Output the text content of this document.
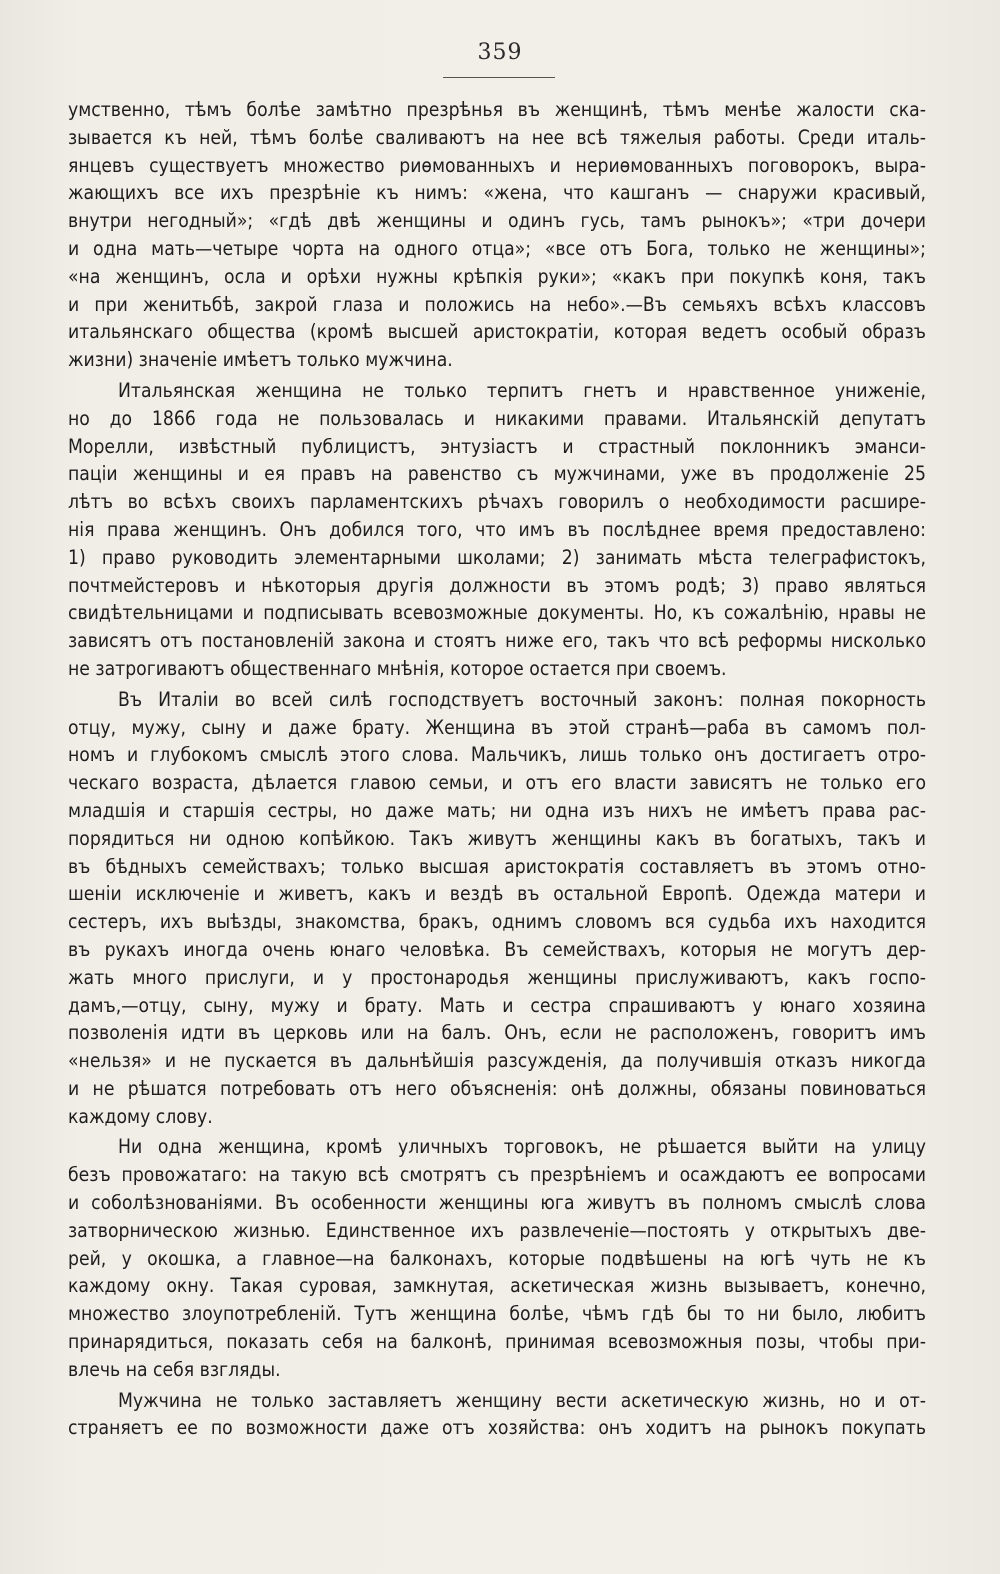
359

умственно, тѣмъ болѣе замѣтно презрѣнья въ женщинѣ, тѣмъ менѣе жалости ска-
зывается къ ней, тѣмъ болѣе сваливаютъ на нее всѣ тяжелыя работы. Среди италь-
янцевъ существуетъ множество риѳмованныхъ и нериѳмованныхъ поговорокъ, выра-
жающихъ все ихъ презрѣніе къ нимъ: «жена, что кашганъ — снаружи красивый,
внутри негодный»; «гдѣ двѣ женщины и одинъ гусь, тамъ рынокъ»; «три дочери
и одна мать—четыре чорта на одного отца»; «все отъ Бога, только не женщины»;
«на женщинъ, осла и орѣхи нужны крѣпкія руки»; «какъ при покупкѣ коня, такъ
и при женитьбѣ, закрой глаза и положись на небо».—Въ семьяхъ всѣхъ классовъ
итальянскаго общества (кромѣ высшей аристократіи, которая ведетъ особый образъ
жизни) значеніе имѣетъ только мужчина.

Итальянская женщина не только терпитъ гнетъ и нравственное униженіе,
но до 1866 года не пользовалась и никакими правами. Итальянскій депутатъ
Морелли, извѣстный публицистъ, энтузіастъ и страстный поклонникъ эманси-
паціи женщины и ея правъ на равенство съ мужчинами, уже въ продолженіе 25
лѣтъ во всѣхъ своихъ парламентскихъ рѣчахъ говорилъ о необходимости расшире-
нія права женщинъ. Онъ добился того, что имъ въ послѣднее время предоставлено:
1) право руководить элементарными школами; 2) занимать мѣста телеграфистокъ,
почтмейстеровъ и нѣкоторыя другія должности въ этомъ родѣ; 3) право являться
свидѣтельницами и подписывать всевозможные документы. Но, къ сожалѣнію, нравы не
зависятъ отъ постановленій закона и стоятъ ниже его, такъ что всѣ реформы нисколько
не затрогиваютъ общественнаго мнѣнія, которое остается при своемъ.

Въ Италіи во всей силѣ господствуетъ восточный законъ: полная покорность
отцу, мужу, сыну и даже брату. Женщина въ этой странѣ—раба въ самомъ пол-
номъ и глубокомъ смыслѣ этого слова. Мальчикъ, лишь только онъ достигаетъ отро-
ческаго возраста, дѣлается главою семьи, и отъ его власти зависятъ не только его
младшія и старшія сестры, но даже мать; ни одна изъ нихъ не имѣетъ права рас-
порядиться ни одною копѣйкою. Такъ живутъ женщины какъ въ богатыхъ, такъ и
въ бѣдныхъ семействахъ; только высшая аристократія составляетъ въ этомъ отно-
шеніи исключеніе и живетъ, какъ и вездѣ въ остальной Европѣ. Одежда матери и
сестеръ, ихъ выѣзды, знакомства, бракъ, однимъ словомъ вся судьба ихъ находится
въ рукахъ иногда очень юнаго человѣка. Въ семействахъ, которыя не могутъ дер-
жать много прислуги, и у простонародья женщины прислуживаютъ, какъ госпо-
дамъ,—отцу, сыну, мужу и брату. Мать и сестра спрашиваютъ у юнаго хозяина
позволенія идти въ церковь или на балъ. Онъ, если не расположенъ, говоритъ имъ
«нельзя» и не пускается въ дальнѣйшія разсужденія, да получившія отказъ никогда
и не рѣшатся потребовать отъ него объясненія: онѣ должны, обязаны повиноваться
каждому слову.

Ни одна женщина, кромѣ уличныхъ торговокъ, не рѣшается выйти на улицу
безъ провожатаго: на такую всѣ смотрятъ съ презрѣніемъ и осаждаютъ ее вопросами
и соболѣзнованіями. Въ особенности женщины юга живутъ въ полномъ смыслѣ слова
затворническою жизнью. Единственное ихъ развлеченіе—постоять у открытыхъ две-
рей, у окошка, а главное—на балконахъ, которые подвѣшены на югѣ чуть не къ
каждому окну. Такая суровая, замкнутая, аскетическая жизнь вызываетъ, конечно,
множество злоупотребленій. Тутъ женщина болѣе, чѣмъ гдѣ бы то ни было, любитъ
принарядиться, показать себя на балконѣ, принимая всевозможныя позы, чтобы при-
влечь на себя взгляды.

Мужчина не только заставляетъ женщину вести аскетическую жизнь, но и от-
страняетъ ее по возможности даже отъ хозяйства: онъ ходитъ на рынокъ покупать
